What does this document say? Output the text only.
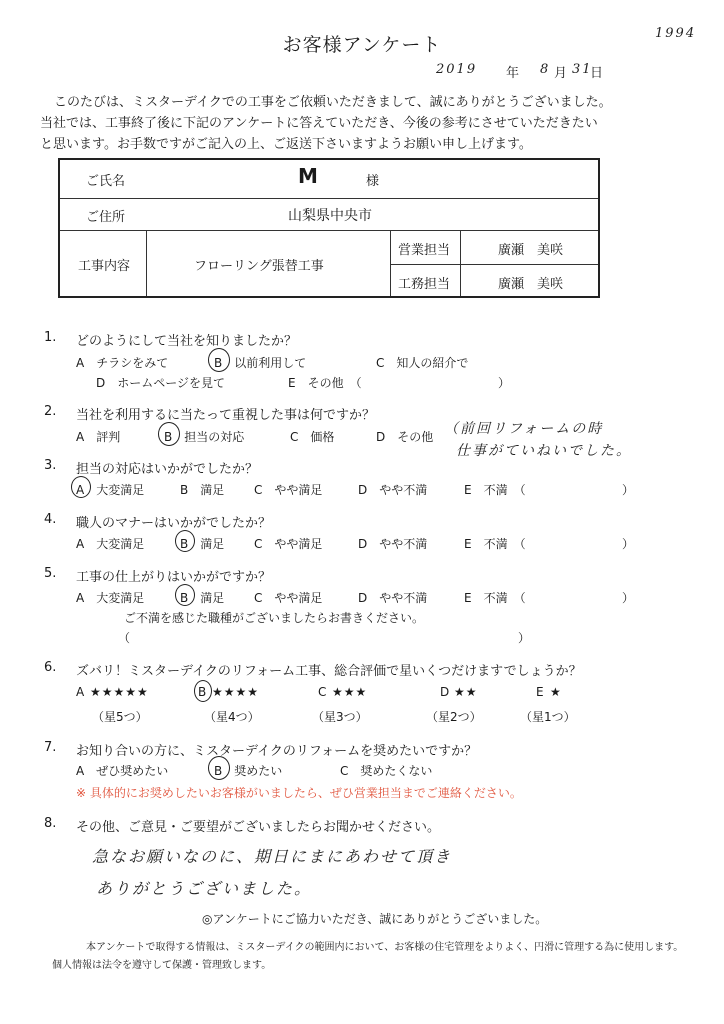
お客様アンケート
1994
2019 年 8 月 31
日
このたびは、ミスターデイクでの工事をご依頼いただきまして、誠にありがとうございました。
当社では、工事終了後に下記のアンケートに答えていただき、今後の参考にさせていただきたい
と思います。お手数ですがご記入の上、ご返送下さいますようお願い申し上げます。
ご氏名	M	様
ご住所	山梨県中央市
工事内容	フローリング張替工事
営業担当	廣瀬　美咲
工務担当	廣瀬　美咲
1. どのようにして当社を知りましたか？
A　チラシをみて	B　以前利用して	C　知人の紹介で
D　ホームページを見て	E　その他　（	）
2. 当社を利用するに当たって重視した事は何ですか？
A　評判	B　担当の対応	C　価格	D　その他 （前回リフォームの時
仕事がていねいでした。
3. 担当の対応はいかがでしたか？
A　大変満足	B　満足 C　やや満足	D　やや不満	E　不満　（	）
4. 職人のマナーはいかがでしたか？
A　大変満足	B　満足 C　やや満足	D　やや不満	E　不満　（	）
5. 工事の仕上がりはいかがですか？
A　大変満足	B　満足 C　やや満足	D　やや不満	E　不満　（	）
ご不満を感じた職種がございましたらお書きください。
（	）
6. ズバリ！ミスターデイクのリフォーム工事、総合評価で星いくつだけますでしょうか？
A ★★★★★
（星5つ）
B ★★★★
（星4つ）
C ★★★
（星3つ）
D ★★
（星2つ）
E ★
（星1つ）
7. お知り合いの方に、ミスターデイクのリフォームを奨めたいですか？
A　ぜひ奨めたい	B　奨めたい	C　奨めたくない
※ 具体的にお奨めしたいお客様がいましたら、ぜひ営業担当までご連絡ください。
8. その他、ご意見・ご要望がございましたらお聞かせください。
急なお願いなのに、期日にまにあわせて頂き
ありがとうございました。
◎アンケートにご協力いただき、誠にありがとうございました。
本アンケートで取得する情報は、ミスターデイクの範囲内において、お客様の住宅管理をよりよく、円滑に管理する為に使用します。
個人情報は法令を遵守して保護・管理致します。
